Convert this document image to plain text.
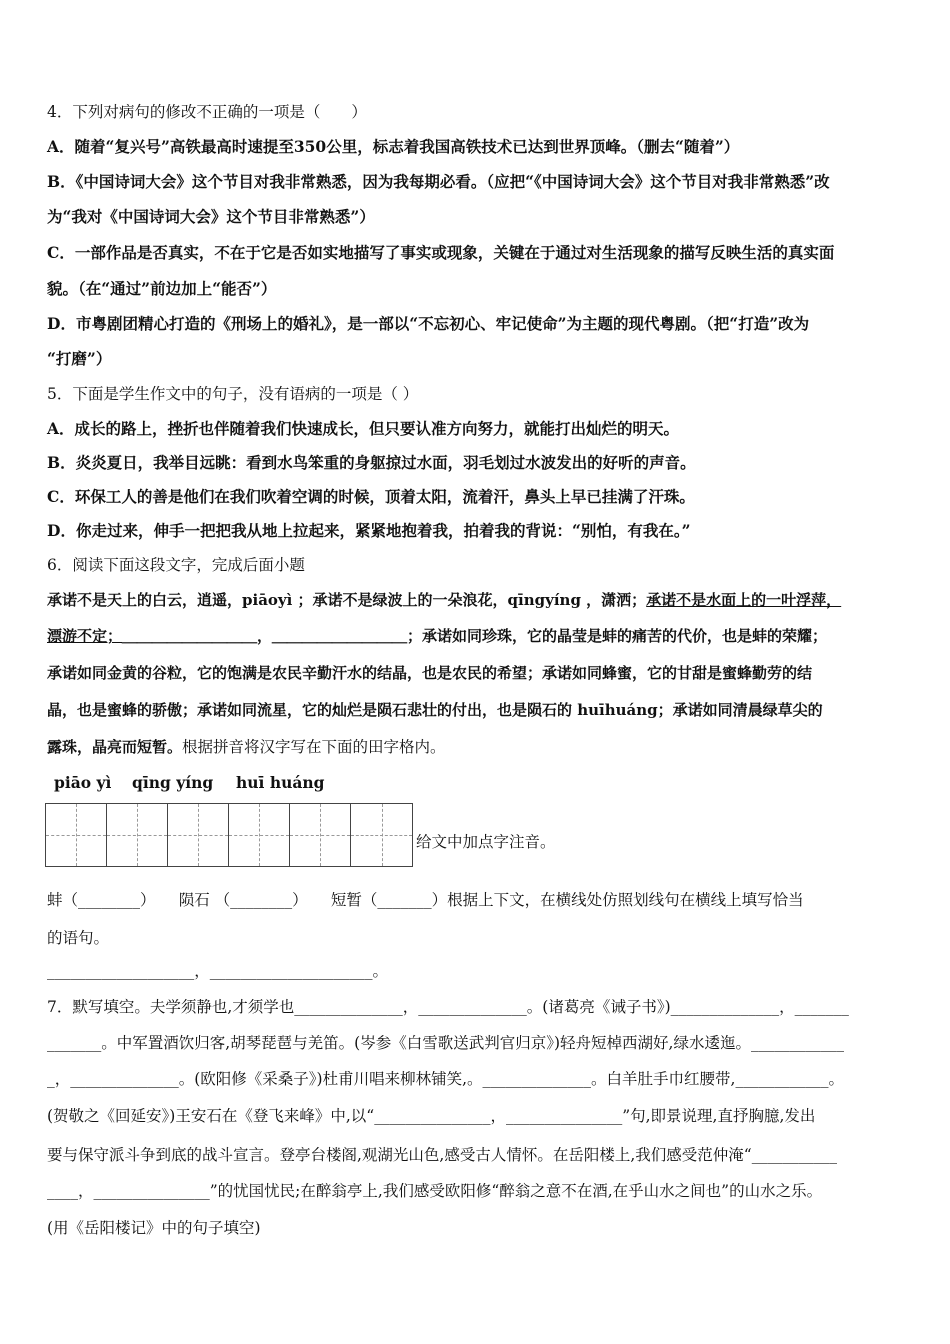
4．下列对病句的修改不正确的一项是（　　）
A．随着“复兴号”高铁最高时速提至350公里，标志着我国高铁技术已达到世界顶峰。（删去“随着”）
B．《中国诗词大会》这个节目对我非常熟悉，因为我每期必看。（应把“《中国诗词大会》这个节目对我非常熟悉”改
为“我对《中国诗词大会》这个节目非常熟悉”）
C．一部作品是否真实，不在于它是否如实地描写了事实或现象，关键在于通过对生活现象的描写反映生活的真实面
貌。（在“通过”前边加上“能否”）
D．市粤剧团精心打造的《刑场上的婚礼》，是一部以“不忘初心、牢记使命”为主题的现代粤剧。（把“打造”改为
“打磨”）
5．下面是学生作文中的句子，没有语病的一项是（ ）
A．成长的路上，挫折也伴随着我们快速成长，但只要认准方向努力，就能打出灿烂的明天。
B．炎炎夏日，我举目远眺：看到水鸟笨重的身躯掠过水面，羽毛划过水波发出的好听的声音。
C．环保工人的善是他们在我们吹着空调的时候，顶着太阳，流着汗，鼻头上早已挂满了汗珠。
D．你走过来，伸手一把把我从地上拉起来，紧紧地抱着我，拍着我的背说：“别怕，有我在。”
6．阅读下面这段文字，完成后面小题
承诺不是天上的白云，逍遥，piāoyì ；承诺不是绿波上的一朵浪花，qīngyíng ，潇洒；承诺不是水面上的一叶浮萍，
漂游不定；＿＿＿＿＿＿＿＿＿，＿＿＿＿＿＿＿＿＿；承诺如同珍珠，它的晶莹是蚌的痛苦的代价，也是蚌的荣耀；
承诺如同金黄的谷粒，它的饱满是农民辛勤汗水的结晶，也是农民的希望；承诺如同蜂蜜，它的甘甜是蜜蜂勤劳的结
晶，也是蜜蜂的骄傲；承诺如同流星，它的灿烂是陨石悲壮的付出，也是陨石的 huīhuáng；承诺如同清晨绿草尖的
露珠，晶亮而短暂。根据拼音将汉字写在下面的田字格内。
piāo yì qīng yíng huī huáng
给文中加点字注音。
蚌（________）　　陨石 （________）　　短暂（_______）根据上下文，在横线处仿照划线句在横线上填写恰当
的语句。
___________________，_____________________。
7．默写填空。夫学须静也,才须学也______________，______________。(诸葛亮《诫子书》)______________，_______
_______。中军置酒饮归客,胡琴琵琶与羌笛。(岑参《白雪歌送武判官归京》)轻舟短棹西湖好,绿水逶迤。____________
_，______________。(欧阳修《采桑子》)杜甫川唱来柳林铺笑,。______________。白羊肚手巾红腰带,____________。
(贺敬之《回延安》)王安石在《登飞来峰》中,以“_______________，_______________”句,即景说理,直抒胸臆,发出
要与保守派斗争到底的战斗宣言。登亭台楼阁,观湖光山色,感受古人情怀。在岳阳楼上,我们感受范仲淹“___________
____，_______________”的忧国忧民;在醉翁亭上,我们感受欧阳修“醉翁之意不在酒,在乎山水之间也”的山水之乐。
(用《岳阳楼记》中的句子填空)
